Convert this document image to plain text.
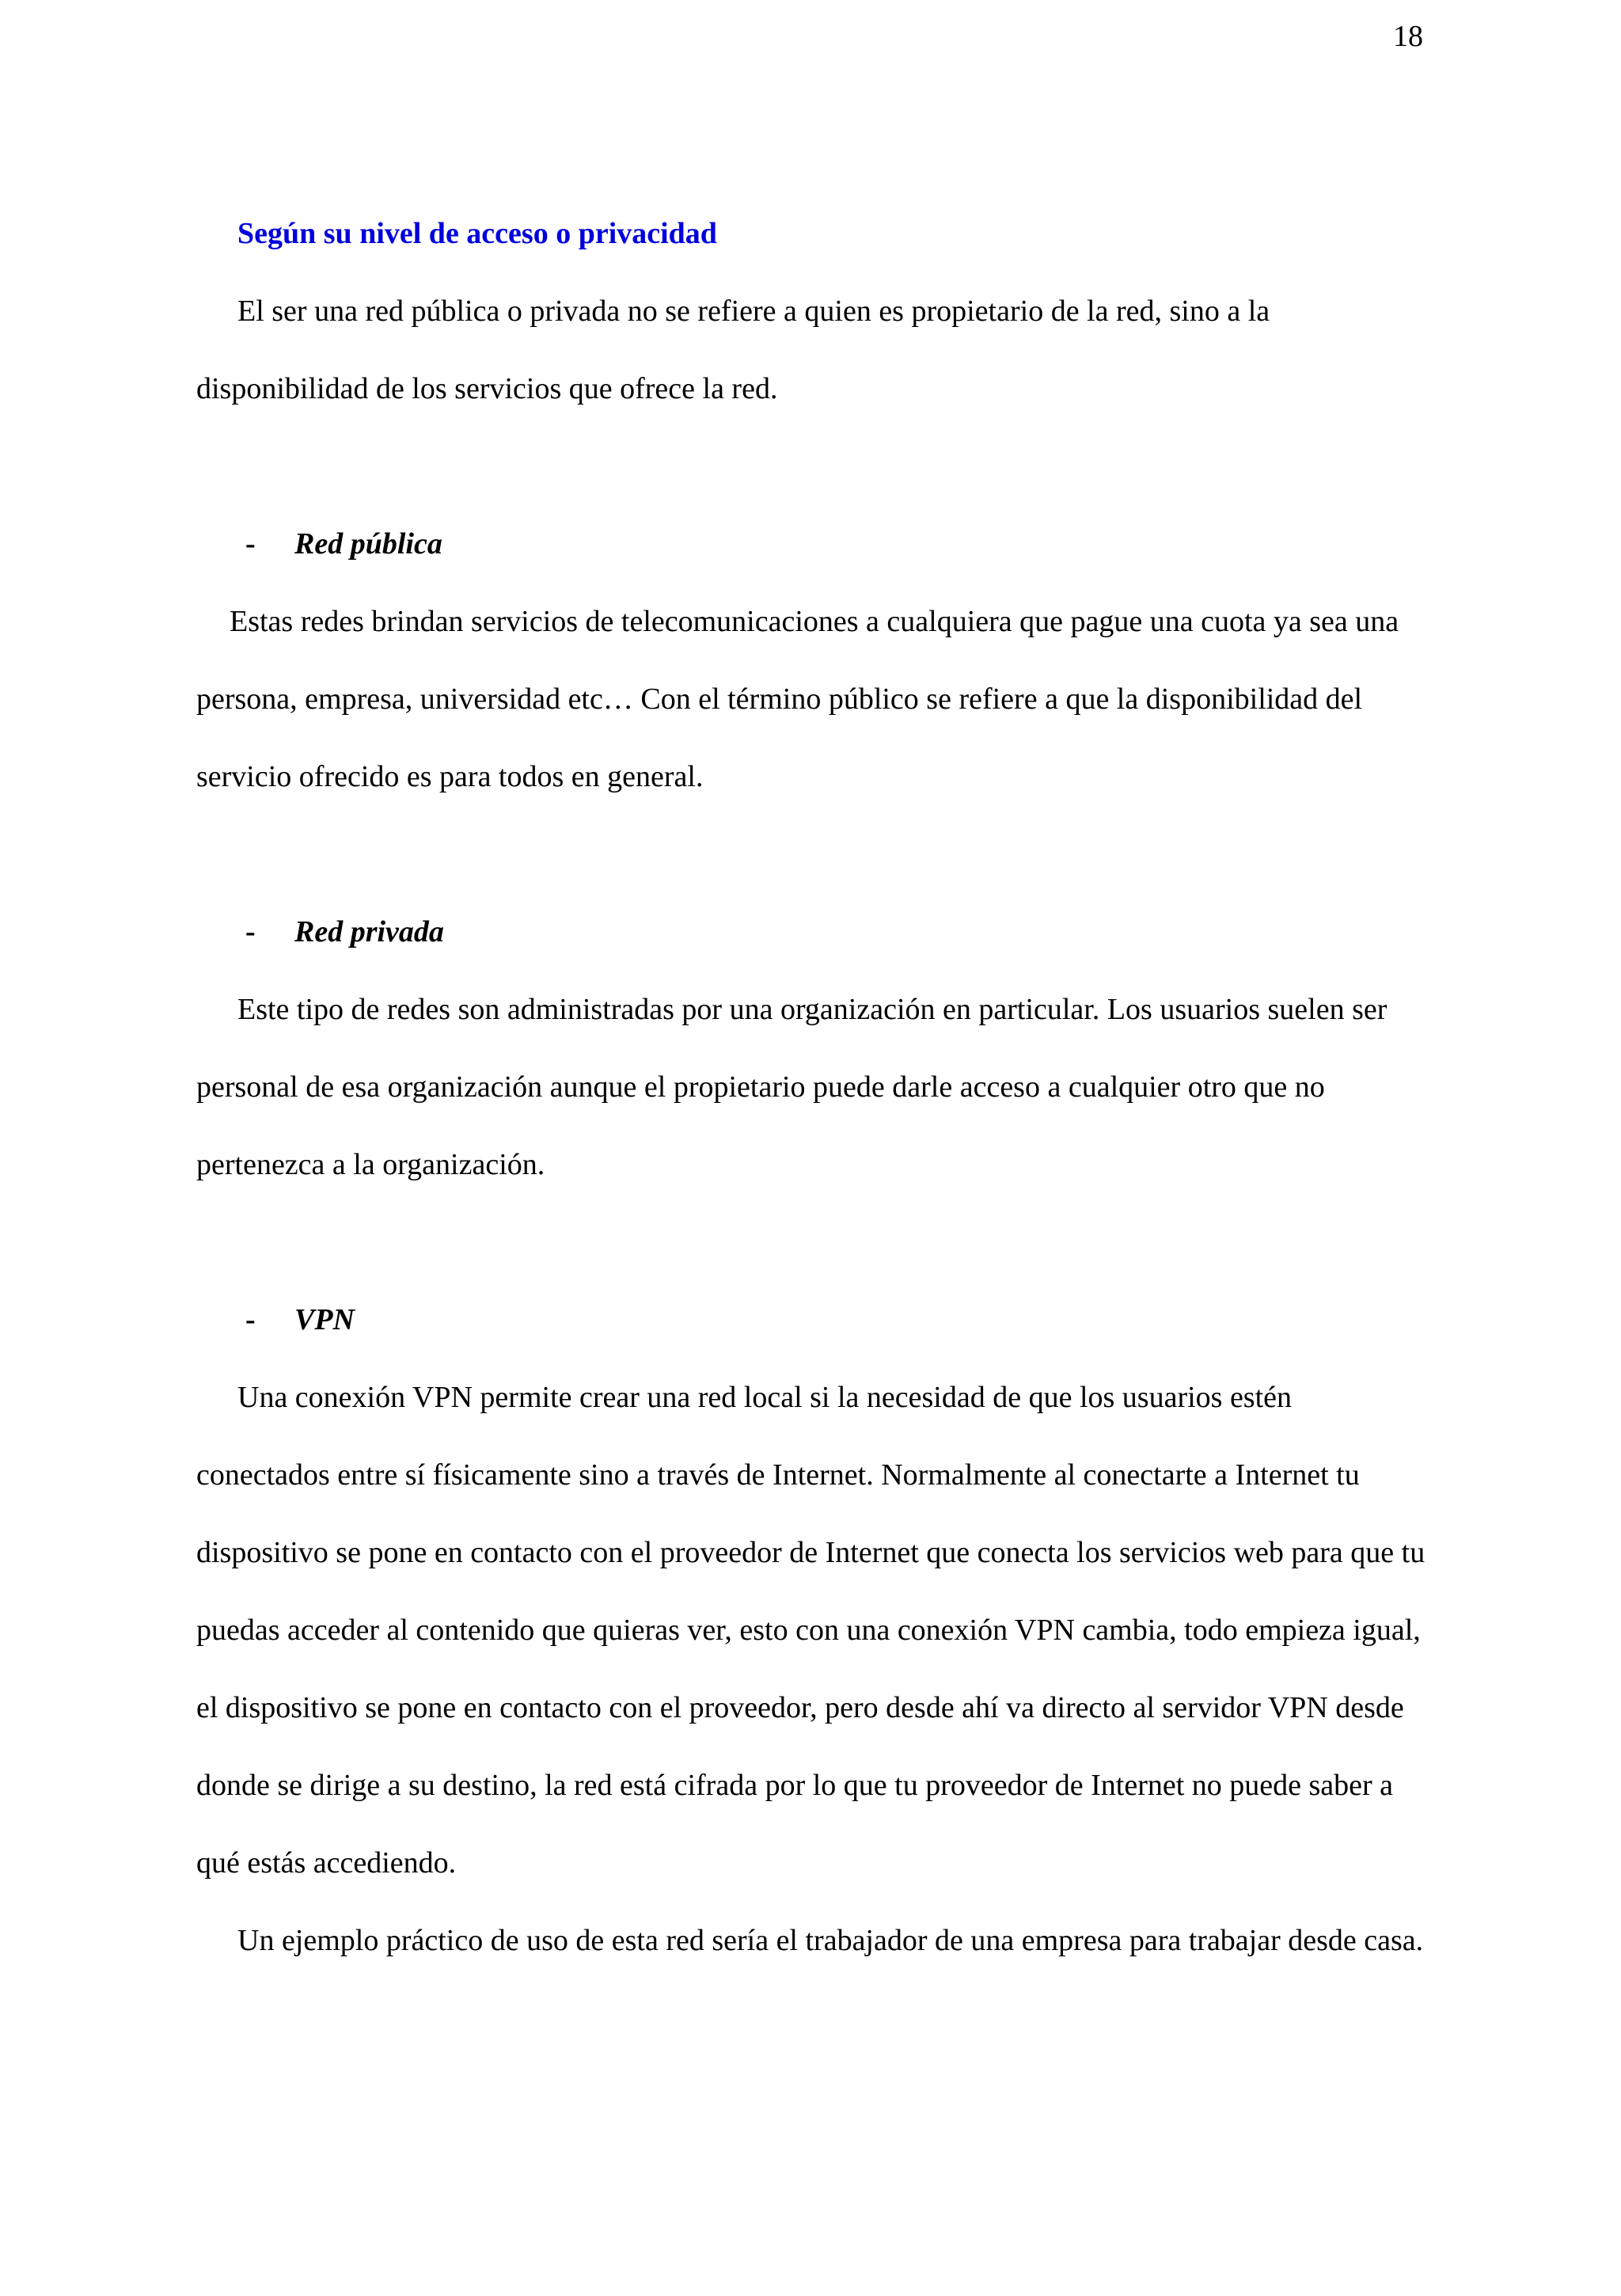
18

Según su nivel de acceso o privacidad

El ser una red pública o privada no se refiere a quien es propietario de la red, sino a la disponibilidad de los servicios que ofrece la red.

- Red pública

Estas redes brindan servicios de telecomunicaciones a cualquiera que pague una cuota ya sea una persona, empresa, universidad etc… Con el término público se refiere a que la disponibilidad del servicio ofrecido es para todos en general.

- Red privada

Este tipo de redes son administradas por una organización en particular. Los usuarios suelen ser personal de esa organización aunque el propietario puede darle acceso a cualquier otro que no pertenezca a la organización.

- VPN

Una conexión VPN permite crear una red local si la necesidad de que los usuarios estén conectados entre sí físicamente sino a través de Internet. Normalmente al conectarte a Internet tu dispositivo se pone en contacto con el proveedor de Internet que conecta los servicios web para que tu puedas acceder al contenido que quieras ver, esto con una conexión VPN cambia, todo empieza igual, el dispositivo se pone en contacto con el proveedor, pero desde ahí va directo al servidor VPN desde donde se dirige a su destino, la red está cifrada por lo que tu proveedor de Internet no puede saber a qué estás accediendo.

Un ejemplo práctico de uso de esta red sería el trabajador de una empresa para trabajar desde casa.
